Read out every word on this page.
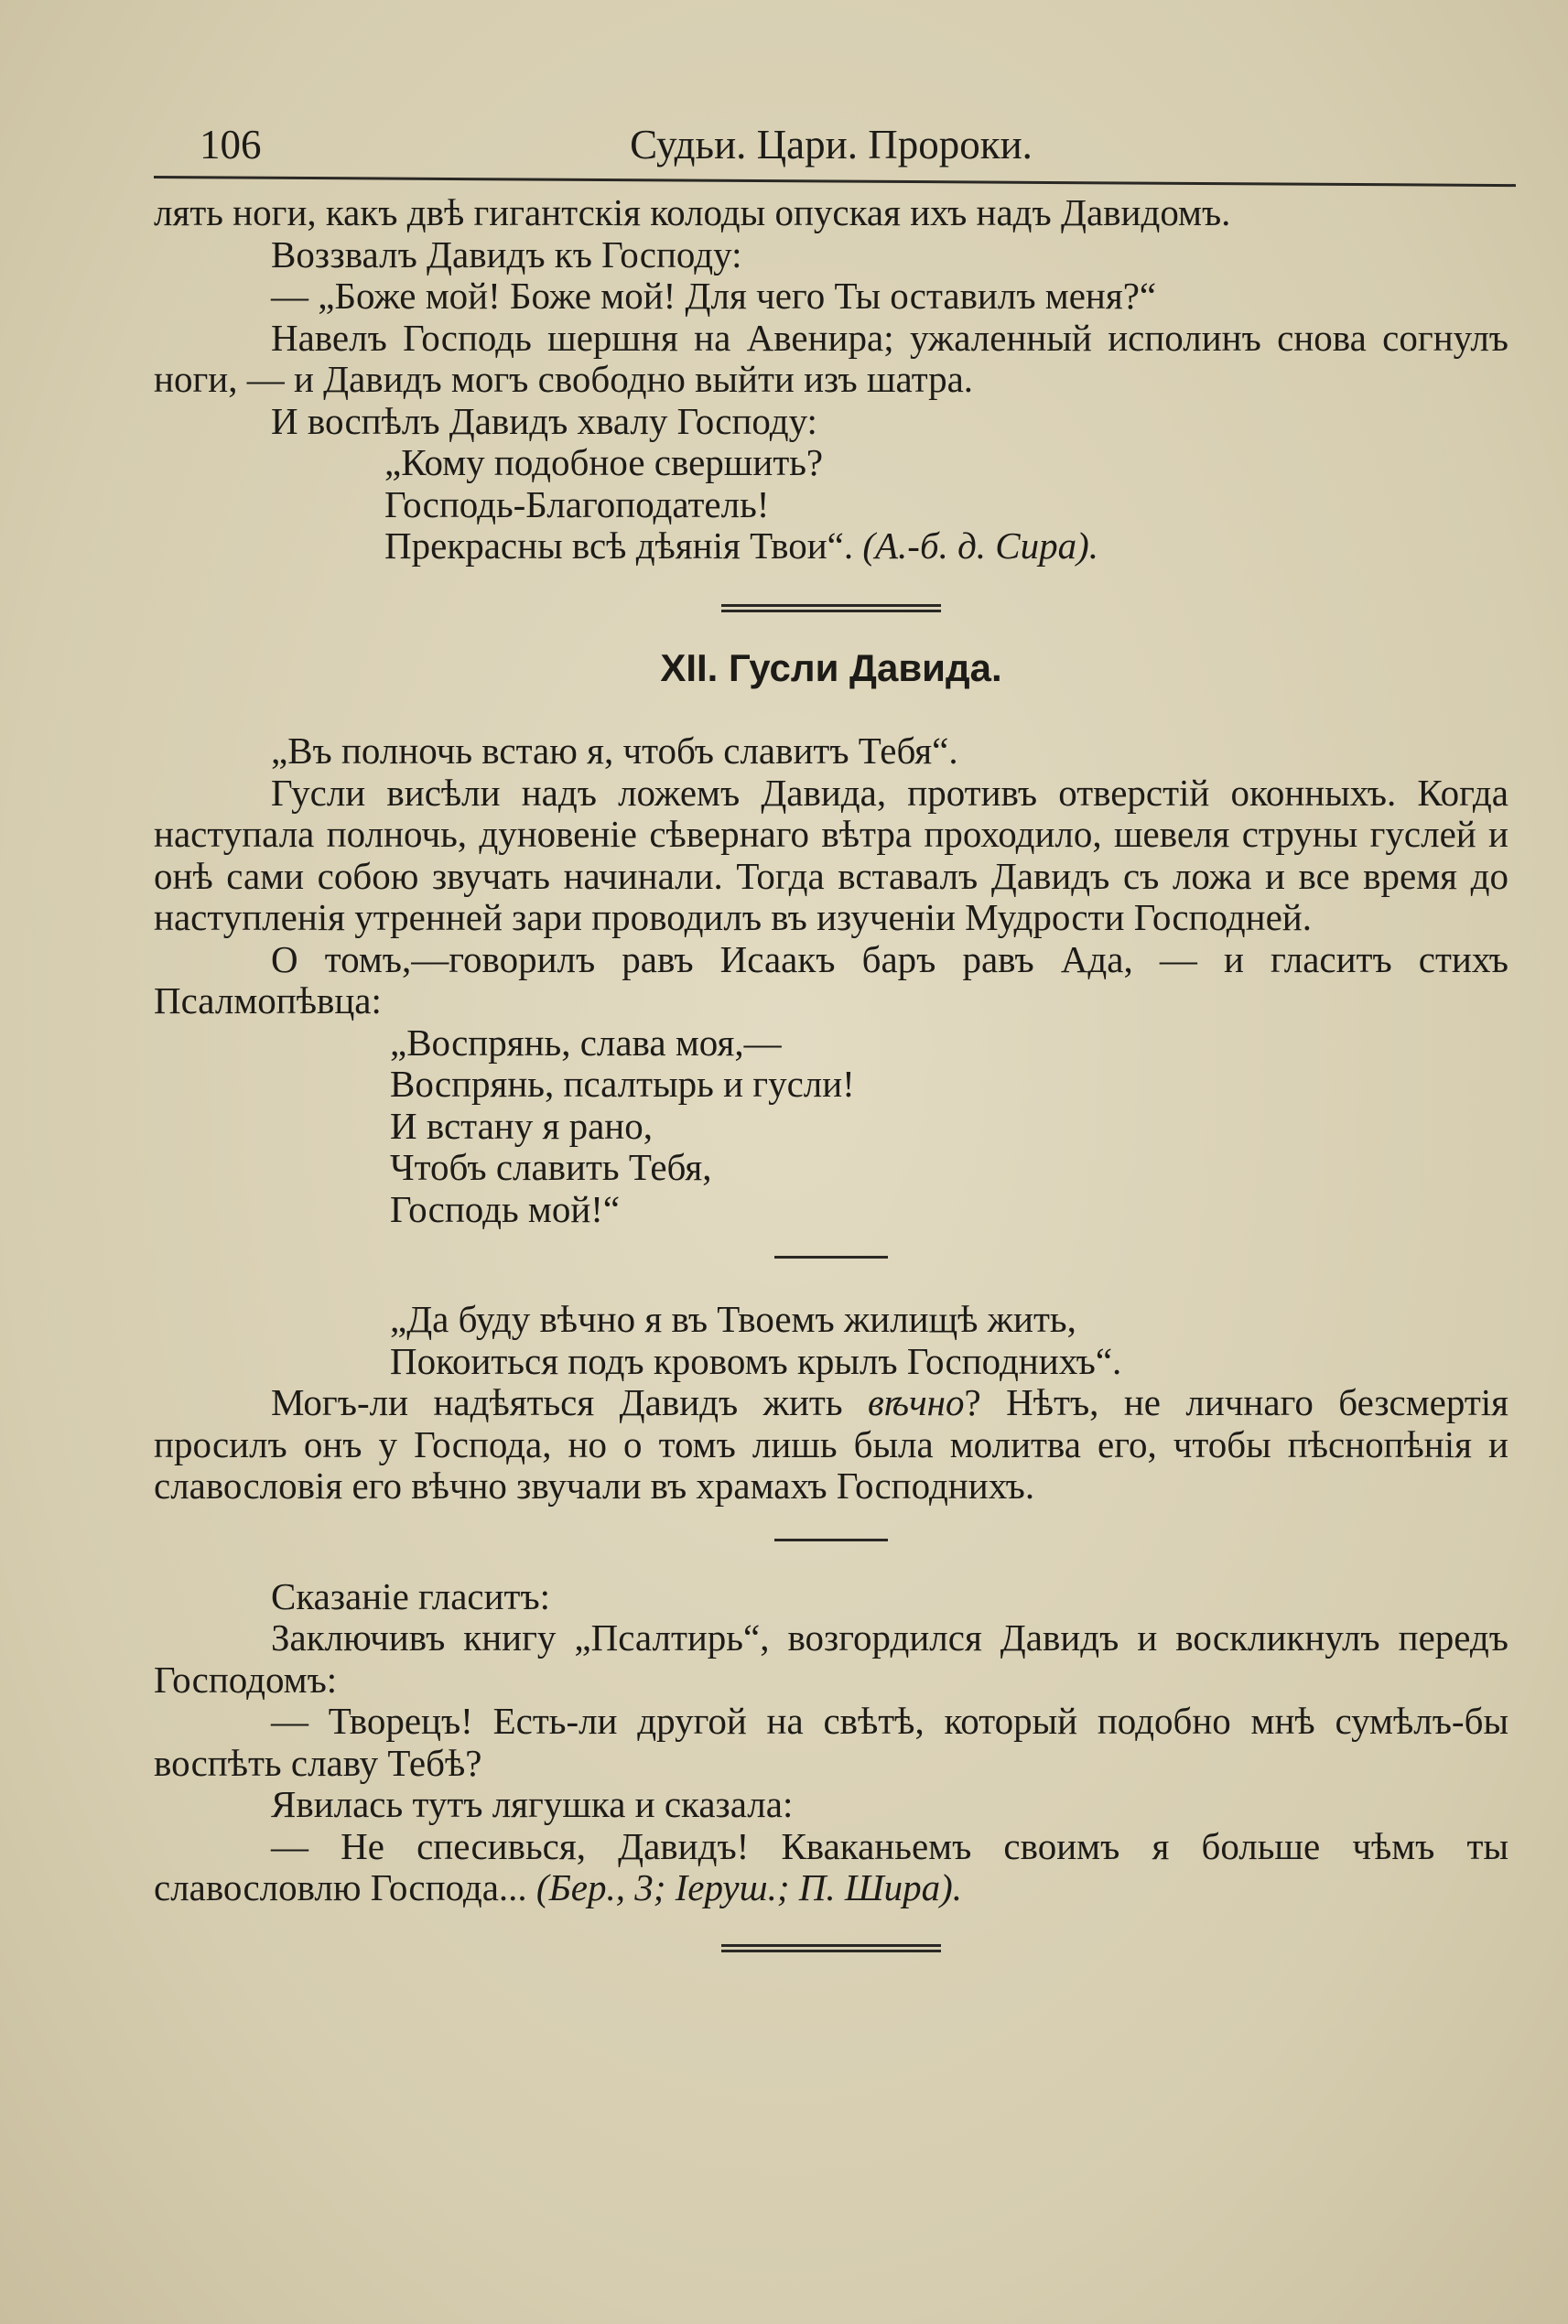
106	Судьи. Цари. Пророки.

лять ноги, какъ двѣ гигантскія колоды опуская ихъ надъ Давидомъ.

Воззвалъ Давидъ къ Господу:

— „Боже мой! Боже мой! Для чего Ты оставилъ меня?“

Навелъ Господь шершня на Авенира; ужаленный исполинъ снова согнулъ ноги, — и Давидъ могъ свободно выйти изъ шатра.

И воспѣлъ Давидъ хвалу Господу:

„Кому подобное свершить?
Господь-Благоподатель!
Прекрасны всѣ дѣянія Твои“. (А.-б. д. Сира).
XII. Гусли Давида.

„Въ полночь встаю я, чтобъ славитъ Тебя“.

Гусли висѣли надъ ложемъ Давида, противъ отверстій оконныхъ. Когда наступала полночь, дуновеніе сѣвернаго вѣтра проходило, шевеля струны гуслей и онѣ сами собою звучать начинали. Тогда вставалъ Давидъ съ ложа и все время до наступленія утренней зари проводилъ въ изученіи Мудрости Господней.

О томъ,—говорилъ равъ Исаакъ баръ равъ Ада, — и гласитъ стихъ Псалмопѣвца:

„Воспрянь, слава моя,—
Воспрянь, псалтырь и гусли!
И встану я рано,
Чтобъ славить Тебя,
Господь мой!“
„Да буду вѣчно я въ Твоемъ жилищѣ жить,
Покоиться подъ кровомъ крылъ Господнихъ“.

Могъ-ли надѣяться Давидъ жить вѣчно? Нѣтъ, не личнаго безсмертія просилъ онъ у Господа, но о томъ лишь была молитва его, чтобы пѣснопѣнія и славословія его вѣчно звучали въ храмахъ Господнихъ.

Сказаніе гласитъ:

Заключивъ книгу „Псалтирь“, возгордился Давидъ и воскликнулъ передъ Господомъ:

— Творецъ! Есть-ли другой на свѣтѣ, который подобно мнѣ сумѣлъ-бы воспѣть славу Тебѣ?

Явилась тутъ лягушка и сказала:

— Не спесивься, Давидъ! Кваканьемъ своимъ я больше чѣмъ ты славословлю Господа... (Бер., 3; Іеруш.; П. Шира).
